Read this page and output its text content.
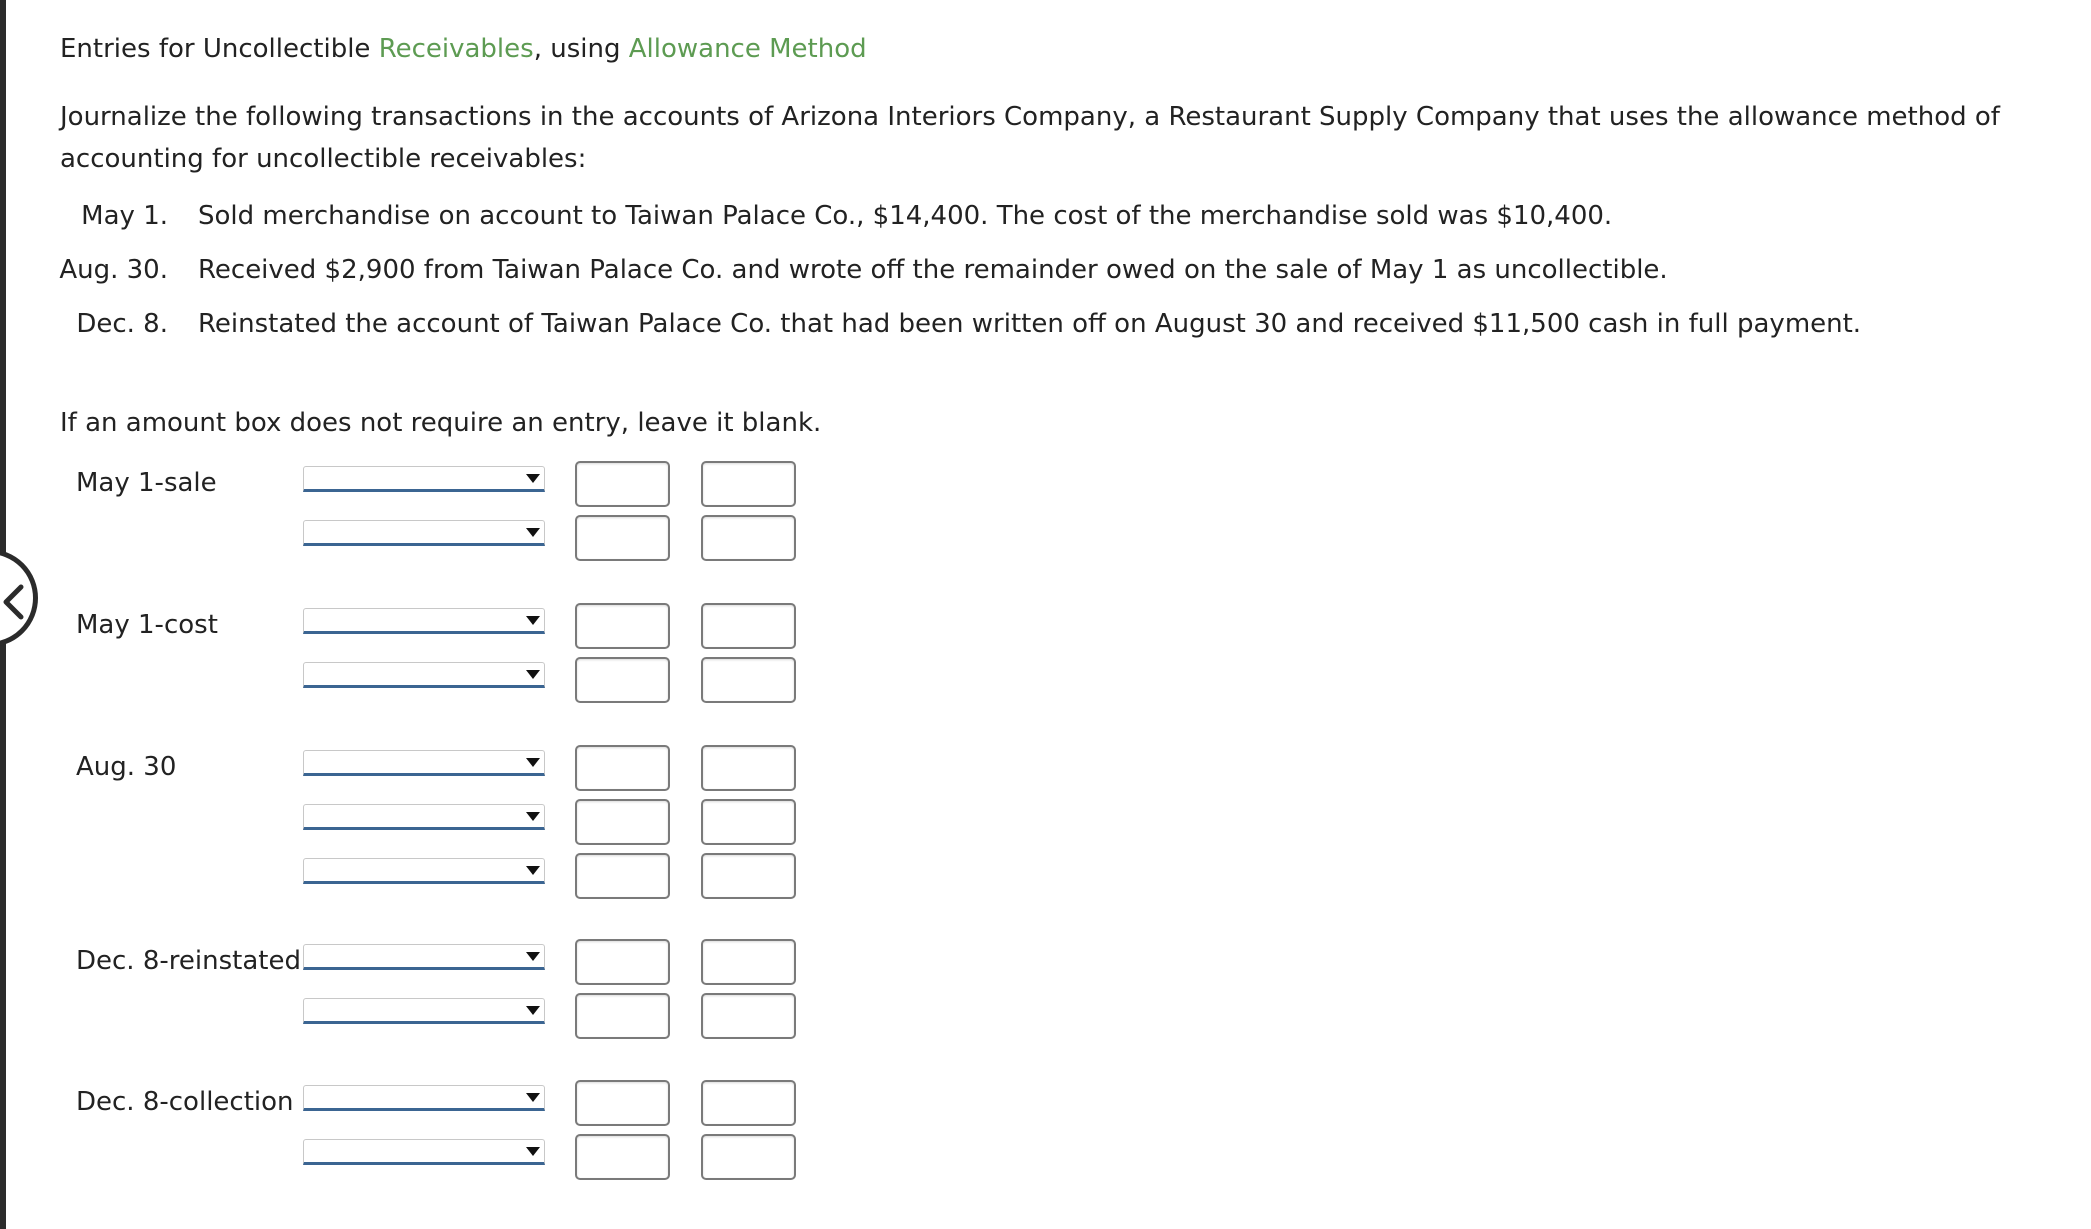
Entries for Uncollectible Receivables, using Allowance Method
Journalize the following transactions in the accounts of Arizona Interiors Company, a Restaurant Supply Company that uses the allowance method of accounting for uncollectible receivables:
May 1. Sold merchandise on account to Taiwan Palace Co., $14,400. The cost of the merchandise sold was $10,400.
Aug. 30. Received $2,900 from Taiwan Palace Co. and wrote off the remainder owed on the sale of May 1 as uncollectible.
Dec. 8. Reinstated the account of Taiwan Palace Co. that had been written off on August 30 and received $11,500 cash in full payment.
If an amount box does not require an entry, leave it blank.
May 1-sale
May 1-cost
Aug. 30
Dec. 8-reinstated
Dec. 8-collection
